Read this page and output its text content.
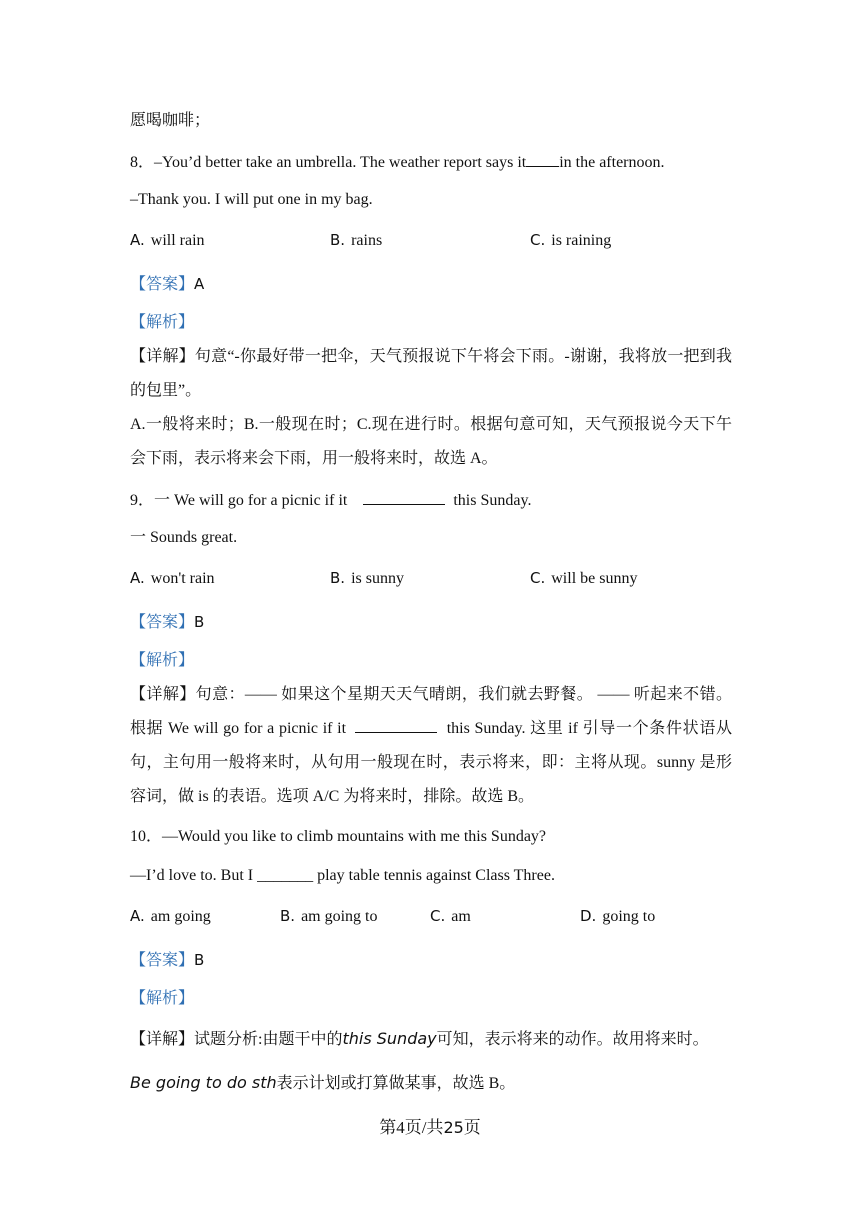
愿喝咖啡；
8．–You’d better take an umbrella. The weather report says it in the afternoon.
–Thank you. I will put one in my bag.
A. will rain	B. rains	C. is raining
【答案】A
【解析】
【详解】句意“-你最好带一把伞，天气预报说下午将会下雨。-谢谢，我将放一把到我的包里”。
A.一般将来时；B.一般现在时；C.现在进行时。根据句意可知，天气预报说今天下午会下雨，表示将来会下雨，用一般将来时，故选 A。
9．一 We will go for a picnic if it	this Sunday.
一 Sounds great.
A. won't rain	B. is sunny	C. will be sunny
【答案】B
【解析】
【详解】句意：—— 如果这个星期天天气晴朗，我们就去野餐。 —— 听起来不错。根据 We will go for a picnic if it	this Sunday. 这里 if 引导一个条件状语从句，主句用一般将来时，从句用一般现在时，表示将来，即：主将从现。sunny 是形容词，做 is 的表语。选项 A/C 为将来时，排除。故选 B。
10．—Would you like to climb mountains with me this Sunday?
—I’d love to. But I _______ play table tennis against Class Three.
A. am going	B. am going to	C. am	D. going to
【答案】B
【解析】
【详解】试题分析:由题干中的this Sunday可知，表示将来的动作。故用将来时。
Be going to do sth表示计划或打算做某事，故选 B。
第4页/共25页
